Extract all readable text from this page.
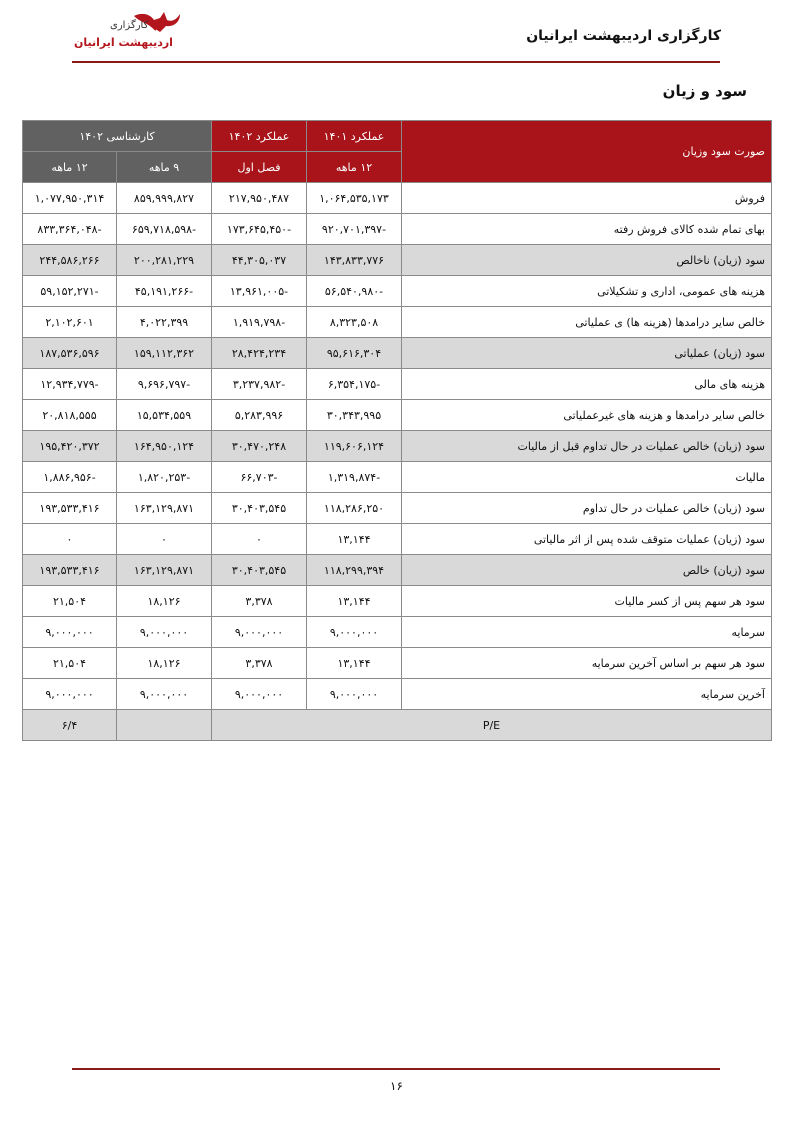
کارگزاری اردیبهشت ایرانیان
کارگزاری
اردیبهشت ایرانیان
سود و زیان
صورت سود وزیان	عملکرد ۱۴۰۱	عملکرد ۱۴۰۲	کارشناسی ۱۴۰۲	
	۱۲ ماهه	فصل اول	۹ ماهه	۱۲ ماهه
فروش	۱,۰۶۴,۵۳۵,۱۷۳	۲۱۷,۹۵۰,۴۸۷	۸۵۹,۹۹۹,۸۲۷	۱,۰۷۷,۹۵۰,۳۱۴
بهای تمام شده کالای فروش رفته	-۹۲۰,۷۰۱,۳۹۷	-۱۷۳,۶۴۵,۴۵۰	-۶۵۹,۷۱۸,۵۹۸	-۸۳۳,۳۶۴,۰۴۸
سود (زیان) ناخالص	۱۴۳,۸۳۳,۷۷۶	۴۴,۳۰۵,۰۳۷	۲۰۰,۲۸۱,۲۲۹	۲۴۴,۵۸۶,۲۶۶
هزینه های عمومی، اداری و تشکیلاتی	-۵۶,۵۴۰,۹۸۰	-۱۳,۹۶۱,۰۰۵	-۴۵,۱۹۱,۲۶۶	-۵۹,۱۵۲,۲۷۱
خالص سایر درامدها (هزینه ها) ی عملیاتی	۸,۳۲۳,۵۰۸	-۱,۹۱۹,۷۹۸	۴,۰۲۲,۳۹۹	۲,۱۰۲,۶۰۱
سود (زیان) عملیاتی	۹۵,۶۱۶,۳۰۴	۲۸,۴۲۴,۲۳۴	۱۵۹,۱۱۲,۳۶۲	۱۸۷,۵۳۶,۵۹۶
هزینه های مالی	-۶,۳۵۴,۱۷۵	-۳,۲۳۷,۹۸۲	-۹,۶۹۶,۷۹۷	-۱۲,۹۳۴,۷۷۹
خالص سایر درامدها و هزینه های غیرعملیاتی	۳۰,۳۴۳,۹۹۵	۵,۲۸۳,۹۹۶	۱۵,۵۳۴,۵۵۹	۲۰,۸۱۸,۵۵۵
سود (زیان) خالص عملیات در حال تداوم قبل از مالیات	۱۱۹,۶۰۶,۱۲۴	۳۰,۴۷۰,۲۴۸	۱۶۴,۹۵۰,۱۲۴	۱۹۵,۴۲۰,۳۷۲
مالیات	-۱,۳۱۹,۸۷۴	-۶۶,۷۰۳	-۱,۸۲۰,۲۵۳	-۱,۸۸۶,۹۵۶
سود (زیان) خالص عملیات در حال تداوم	۱۱۸,۲۸۶,۲۵۰	۳۰,۴۰۳,۵۴۵	۱۶۳,۱۲۹,۸۷۱	۱۹۳,۵۳۳,۴۱۶
سود (زیان) عملیات متوقف شده پس از اثر مالیاتی	۱۳,۱۴۴	۰	۰	۰
سود (زیان) خالص	۱۱۸,۲۹۹,۳۹۴	۳۰,۴۰۳,۵۴۵	۱۶۳,۱۲۹,۸۷۱	۱۹۳,۵۳۳,۴۱۶
سود هر سهم پس از کسر مالیات	۱۳,۱۴۴	۳,۳۷۸	۱۸,۱۲۶	۲۱,۵۰۴
سرمایه	۹,۰۰۰,۰۰۰	۹,۰۰۰,۰۰۰	۹,۰۰۰,۰۰۰	۹,۰۰۰,۰۰۰
سود هر سهم بر اساس آخرین سرمایه	۱۳,۱۴۴	۳,۳۷۸	۱۸,۱۲۶	۲۱,۵۰۴
آخرین سرمایه	۹,۰۰۰,۰۰۰	۹,۰۰۰,۰۰۰	۹,۰۰۰,۰۰۰	۹,۰۰۰,۰۰۰
P/E				۶/۴
۱۶
